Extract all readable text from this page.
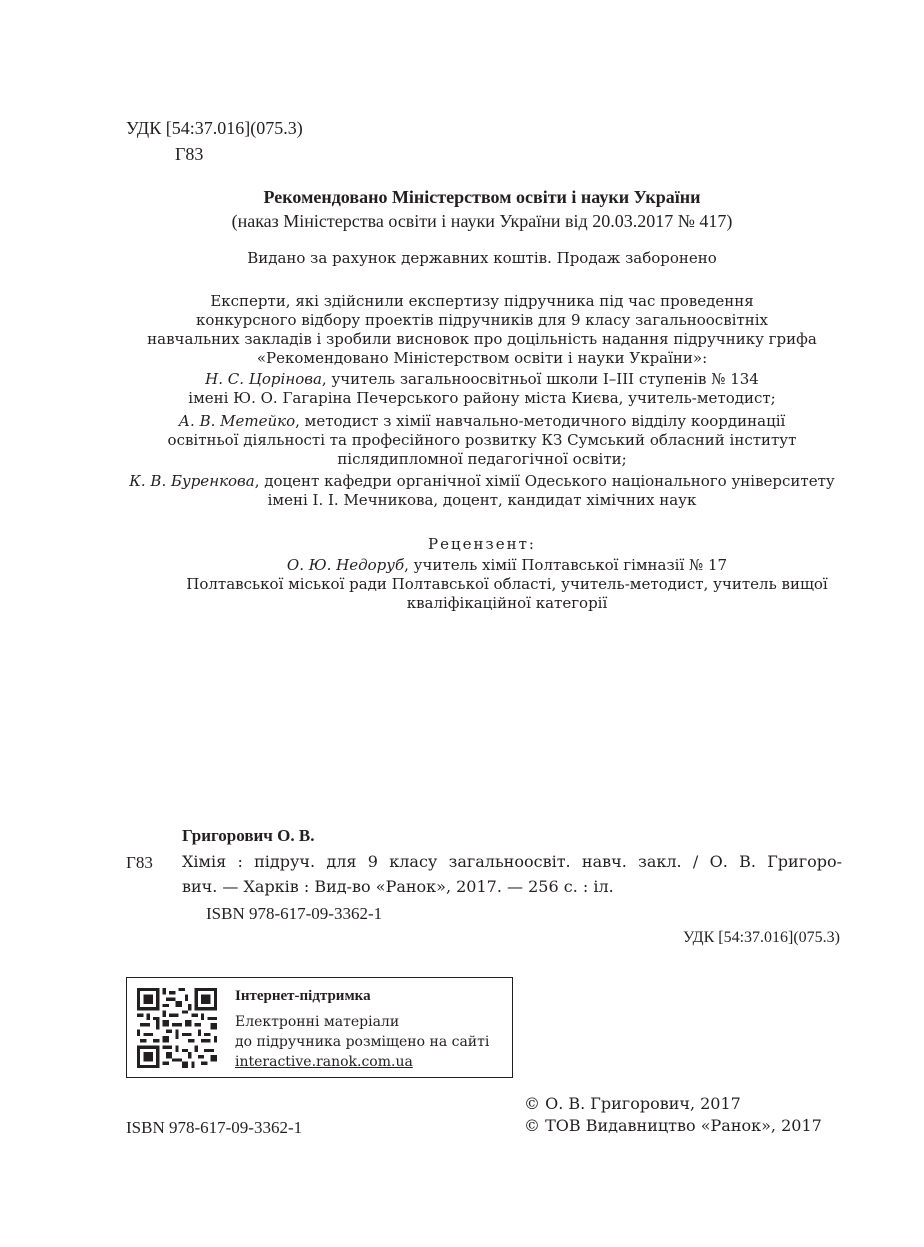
УДК [54:37.016](075.3)
Г83
Рекомендовано Міністерством освіти і науки України
(наказ Міністерства освіти і науки України від 20.03.2017 № 417)
Видано за рахунок державних коштів. Продаж заборонено
Експерти, які здійснили експертизу підручника під час проведення
конкурсного відбору проектів підручників для 9 класу загальноосвітніх
навчальних закладів і зробили висновок про доцільність надання підручнику грифа
«Рекомендовано Міністерством освіти і науки України»:
Н. С. Цорінова, учитель загальноосвітньої школи І–ІІІ ступенів № 134
імені Ю. О. Гагаріна Печерського району міста Києва, учитель-методист;
А. В. Метейко, методист з хімії навчально-методичного відділу координації
освітньої діяльності та професійного розвитку КЗ Сумський обласний інститут
післядипломної педагогічної освіти;
К. В. Буренкова, доцент кафедри органічної хімії Одеського національного університету
імені І. І. Мечникова, доцент, кандидат хімічних наук
Рецензент:
О. Ю. Недоруб, учитель хімії Полтавської гімназії № 17
Полтавської міської ради Полтавської області, учитель-методист, учитель вищої
кваліфікаційної категорії
Григорович О. В.
Г83 Хімія : підруч. для 9 класу загальноосвіт. навч. закл. / О. В. Григоро-
вич. — Харків : Вид-во «Ранок», 2017. — 256 с. : іл.
ISBN 978-617-09-3362-1
УДК [54:37.016](075.3)
Інтернет-підтримка
Електронні матеріали
до підручника розміщено на сайті
interactive.ranok.com.ua
ISBN 978-617-09-3362-1
© О. В. Григорович, 2017
© ТОВ Видавництво «Ранок», 2017
